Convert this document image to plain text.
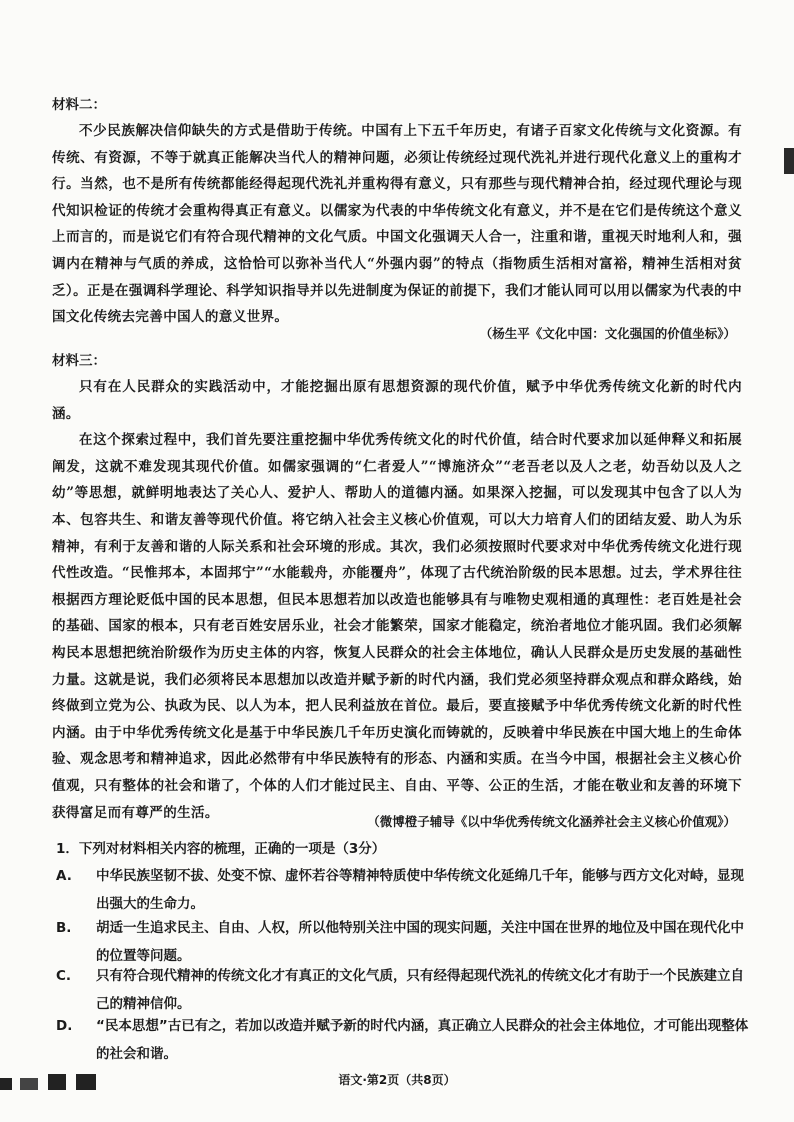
材料二：

不少民族解决信仰缺失的方式是借助于传统。中国有上下五千年历史，有诸子百家文化传统与文化资源。有传统、有资源，不等于就真正能解决当代人的精神问题，必须让传统经过现代洗礼并进行现代化意义上的重构才行。当然，也不是所有传统都能经得起现代洗礼并重构得有意义，只有那些与现代精神合拍，经过现代理论与现代知识检证的传统才会重构得真正有意义。以儒家为代表的中华传统文化有意义，并不是在它们是传统这个意义上而言的，而是说它们有符合现代精神的文化气质。中国文化强调天人合一，注重和谐，重视天时地利人和，强调内在精神与气质的养成，这恰恰可以弥补当代人“外强内弱”的特点（指物质生活相对富裕，精神生活相对贫乏）。正是在强调科学理论、科学知识指导并以先进制度为保证的前提下，我们才能认同可以用以儒家为代表的中国文化传统去完善中国人的意义世界。

（杨生平《文化中国：文化强国的价值坐标》）
材料三：

只有在人民群众的实践活动中，才能挖掘出原有思想资源的现代价值，赋予中华优秀传统文化新的时代内涵。

在这个探索过程中，我们首先要注重挖掘中华优秀传统文化的时代价值，结合时代要求加以延伸释义和拓展阐发，这就不难发现其现代价值。如儒家强调的“仁者爱人”“博施济众”“老吾老以及人之老，幼吾幼以及人之幼”等思想，就鲜明地表达了关心人、爱护人、帮助人的道德内涵。如果深入挖掘，可以发现其中包含了以人为本、包容共生、和谐友善等现代价值。将它纳入社会主义核心价值观，可以大力培育人们的团结友爱、助人为乐精神，有利于友善和谐的人际关系和社会环境的形成。其次，我们必须按照时代要求对中华优秀传统文化进行现代性改造。“民惟邦本，本固邦宁”“水能载舟，亦能覆舟”，体现了古代统治阶级的民本思想。过去，学术界往往根据西方理论贬低中国的民本思想，但民本思想若加以改造也能够具有与唯物史观相通的真理性：老百姓是社会的基础、国家的根本，只有老百姓安居乐业，社会才能繁荣，国家才能稳定，统治者地位才能巩固。我们必须解构民本思想把统治阶级作为历史主体的内容，恢复人民群众的社会主体地位，确认人民群众是历史发展的基础性力量。这就是说，我们必须将民本思想加以改造并赋予新的时代内涵，我们党必须坚持群众观点和群众路线，始终做到立党为公、执政为民、以人为本，把人民利益放在首位。最后，要直接赋予中华优秀传统文化新的时代性内涵。由于中华优秀传统文化是基于中华民族几千年历史演化而铸就的，反映着中华民族在中国大地上的生命体验、观念思考和精神追求，因此必然带有中华民族特有的形态、内涵和实质。在当今中国，根据社会主义核心价值观，只有整体的社会和谐了，个体的人们才能过民主、自由、平等、公正的生活，才能在敬业和友善的环境下获得富足而有尊严的生活。

（微博橙子辅导《以中华优秀传统文化涵养社会主义核心价值观》）
1．下列对材料相关内容的梳理，正确的一项是（3分）
A. 中华民族坚韧不拔、处变不惊、虚怀若谷等精神特质使中华传统文化延绵几千年，能够与西方文化对峙，显现出强大的生命力。
B. 胡适一生追求民主、自由、人权，所以他特别关注中国的现实问题，关注中国在世界的地位及中国在现代化中的位置等问题。
C. 只有符合现代精神的传统文化才有真正的文化气质，只有经得起现代洗礼的传统文化才有助于一个民族建立自己的精神信仰。
D. “民本思想”古已有之，若加以改造并赋予新的时代内涵，真正确立人民群众的社会主体地位，才可能出现整体的社会和谐。
语文·第2页（共8页）
